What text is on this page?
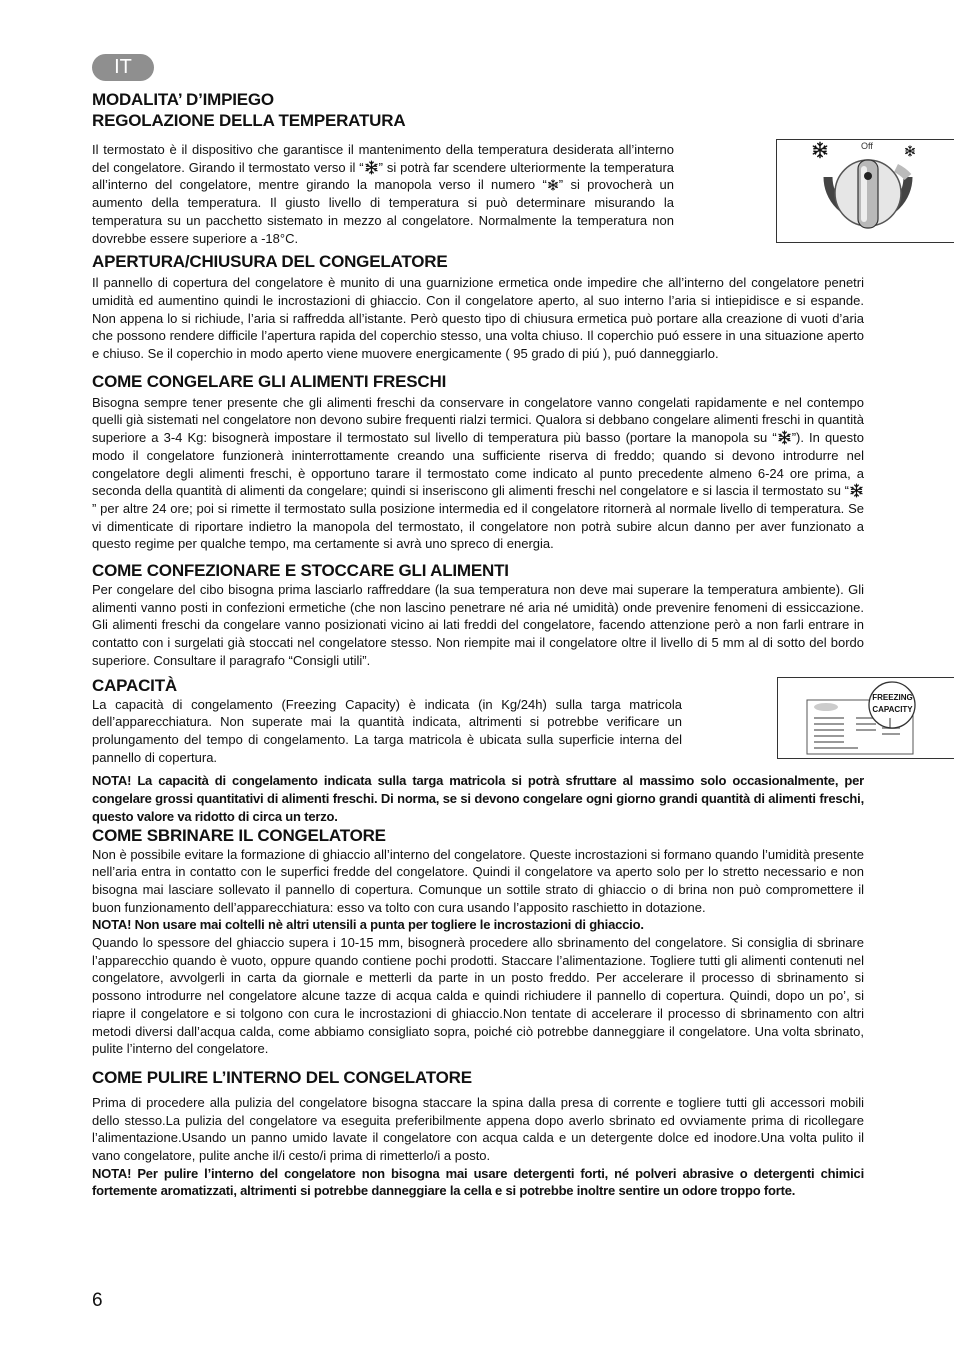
IT
MODALITA’ D’IMPIEGO
REGOLAZIONE DELLA TEMPERATURA

Il termostato è il dispositivo che garantisce il mantenimento della temperatura desiderata all’interno del congelatore. Girando il termostato verso il “ ” si potrà far scendere ulteriormente la temperatura all’interno del congelatore, mentre girando la manopola verso il numero “ ” si provocherà un aumento della temperatura. Il giusto livello di temperatura si può determinare misurando la temperatura su un pacchetto sistemato in mezzo al congelatore. Normalmente la temperatura non dovrebbe essere superiore a -18°C.

Off
APERTURA/CHIUSURA DEL CONGELATORE

Il pannello di copertura del congelatore è munito di una guarnizione ermetica onde impedire che all’interno del congelatore penetri umidità ed aumentino quindi le incrostazioni di ghiaccio. Con il congelatore aperto, al suo interno l’aria si intiepidisce e si espande. Non appena lo si richiude, l’aria si raffredda all’istante. Però questo tipo di chiusura ermetica può portare alla creazione di vuoti d’aria che possono rendere difficile l’apertura rapida del coperchio stesso, una volta chiuso. Il coperchio puó essere in una situazione aperto e chiuso. Se il coperchio in modo aperto viene muovere energicamente ( 95 grado di piú ), puó danneggiarlo.

COME CONGELARE GLI ALIMENTI FRESCHI

Bisogna sempre tener presente che gli alimenti freschi da conservare in congelatore vanno congelati rapidamente e nel contempo quelli già sistemati nel congelatore non devono subire frequenti rialzi termici. Qualora si debbano congelare alimenti freschi in quantità superiore a 3-4 Kg: bisognerà impostare il termostato sul livello di temperatura più basso (portare la manopola su “ ”). In questo modo il congelatore funzionerà ininterrottamente creando una sufficiente riserva di freddo; quando si devono introdurre nel congelatore degli alimenti freschi, è opportuno tarare il termostato come indicato al punto precedente almeno 6-24 ore prima, a seconda della quantità di alimenti da congelare; quindi si inseriscono gli alimenti freschi nel congelatore e si lascia il termostato su “” per altre 24 ore; poi si rimette il termostato sulla posizione intermedia ed il congelatore ritornerà al normale livello di temperatura. Se vi dimenticate di riportare indietro la manopola del termostato, il congelatore non potrà subire alcun danno per aver funzionato a questo regime per qualche tempo, ma certamente si avrà uno spreco di energia.

COME CONFEZIONARE E STOCCARE GLI ALIMENTI

Per congelare del cibo bisogna prima lasciarlo raffreddare (la sua temperatura non deve mai superare la temperatura ambiente). Gli alimenti vanno posti in confezioni ermetiche (che non lascino penetrare né aria né umidità) onde prevenire fenomeni di essiccazione. Gli alimenti freschi da congelare vanno posizionati vicino ai lati freddi del congelatore, facendo attenzione però a non farli entrare in contatto con i surgelati già stoccati nel congelatore stesso. Non riempite mai il congelatore oltre il livello di 5 mm al di sotto del bordo superiore. Consultare il paragrafo “Consigli utili”.

CAPACITÀ

La capacità di congelamento (Freezing Capacity) è indicata (in Kg/24h) sulla targa matricola dell’apparecchiatura. Non superate mai la quantità indicata, altrimenti si potrebbe verificare un prolungamento del tempo di congelamento. La targa matricola è ubicata sulla superficie interna del pannello di copertura.

FREEZING
CAPACITY

NOTA! La capacità di congelamento indicata sulla targa matricola si potrà sfruttare al massimo solo occasionalmente, per congelare grossi quantitativi di alimenti freschi. Di norma, se si devono congelare ogni giorno grandi quantità di alimenti freschi, questo valore va ridotto di circa un terzo.

COME SBRINARE IL CONGELATORE

Non è possibile evitare la formazione di ghiaccio all’interno del congelatore. Queste incrostazioni si formano quando l’umidità presente nell’aria entra in contatto con le superfici fredde del congelatore. Quindi il congelatore va aperto solo per lo stretto necessario e non bisogna mai lasciare sollevato il pannello di copertura. Comunque un sottile strato di ghiaccio o di brina non può compromettere il buon funzionamento dell’apparecchiatura: esso va tolto con cura usando l’apposito raschietto in dotazione.

NOTA! Non usare mai coltelli nè altri utensili a punta per togliere le incrostazioni di ghiaccio.

Quando lo spessore del ghiaccio supera i 10-15 mm, bisognerà procedere allo sbrinamento del congelatore. Si consiglia di sbrinare l’apparecchio quando è vuoto, oppure quando contiene pochi prodotti. Staccare l’alimentazione. Togliere tutti gli alimenti contenuti nel congelatore, avvolgerli in carta da giornale e metterli da parte in un posto freddo. Per accelerare il processo di sbrinamento si possono introdurre nel congelatore alcune tazze di acqua calda e quindi richiudere il pannello di copertura. Quindi, dopo un po’, si riapre il congelatore e si tolgono con cura le incrostazioni di ghiaccio.Non tentate di accelerare il processo di sbrinamento con altri metodi diversi dall’acqua calda, come abbiamo consigliato sopra, poiché ciò potrebbe danneggiare il congelatore. Una volta sbrinato, pulite l’interno del congelatore.

COME PULIRE L’INTERNO DEL CONGELATORE

Prima di procedere alla pulizia del congelatore bisogna staccare la spina dalla presa di corrente e togliere tutti gli accessori mobili dello stesso.La pulizia del congelatore va eseguita preferibilmente appena dopo averlo sbrinato ed ovviamente prima di ricollegare l’alimentazione.Usando un panno umido lavate il congelatore con acqua calda e un detergente dolce ed inodore.Una volta pulito il vano congelatore, pulite anche il/i cesto/i prima di rimetterlo/i a posto.

NOTA! Per pulire l’interno del congelatore non bisogna mai usare detergenti forti, né polveri abrasive o detergenti chimici fortemente aromatizzati, altrimenti si potrebbe danneggiare la cella e si potrebbe inoltre sentire un odore troppo forte.

6
